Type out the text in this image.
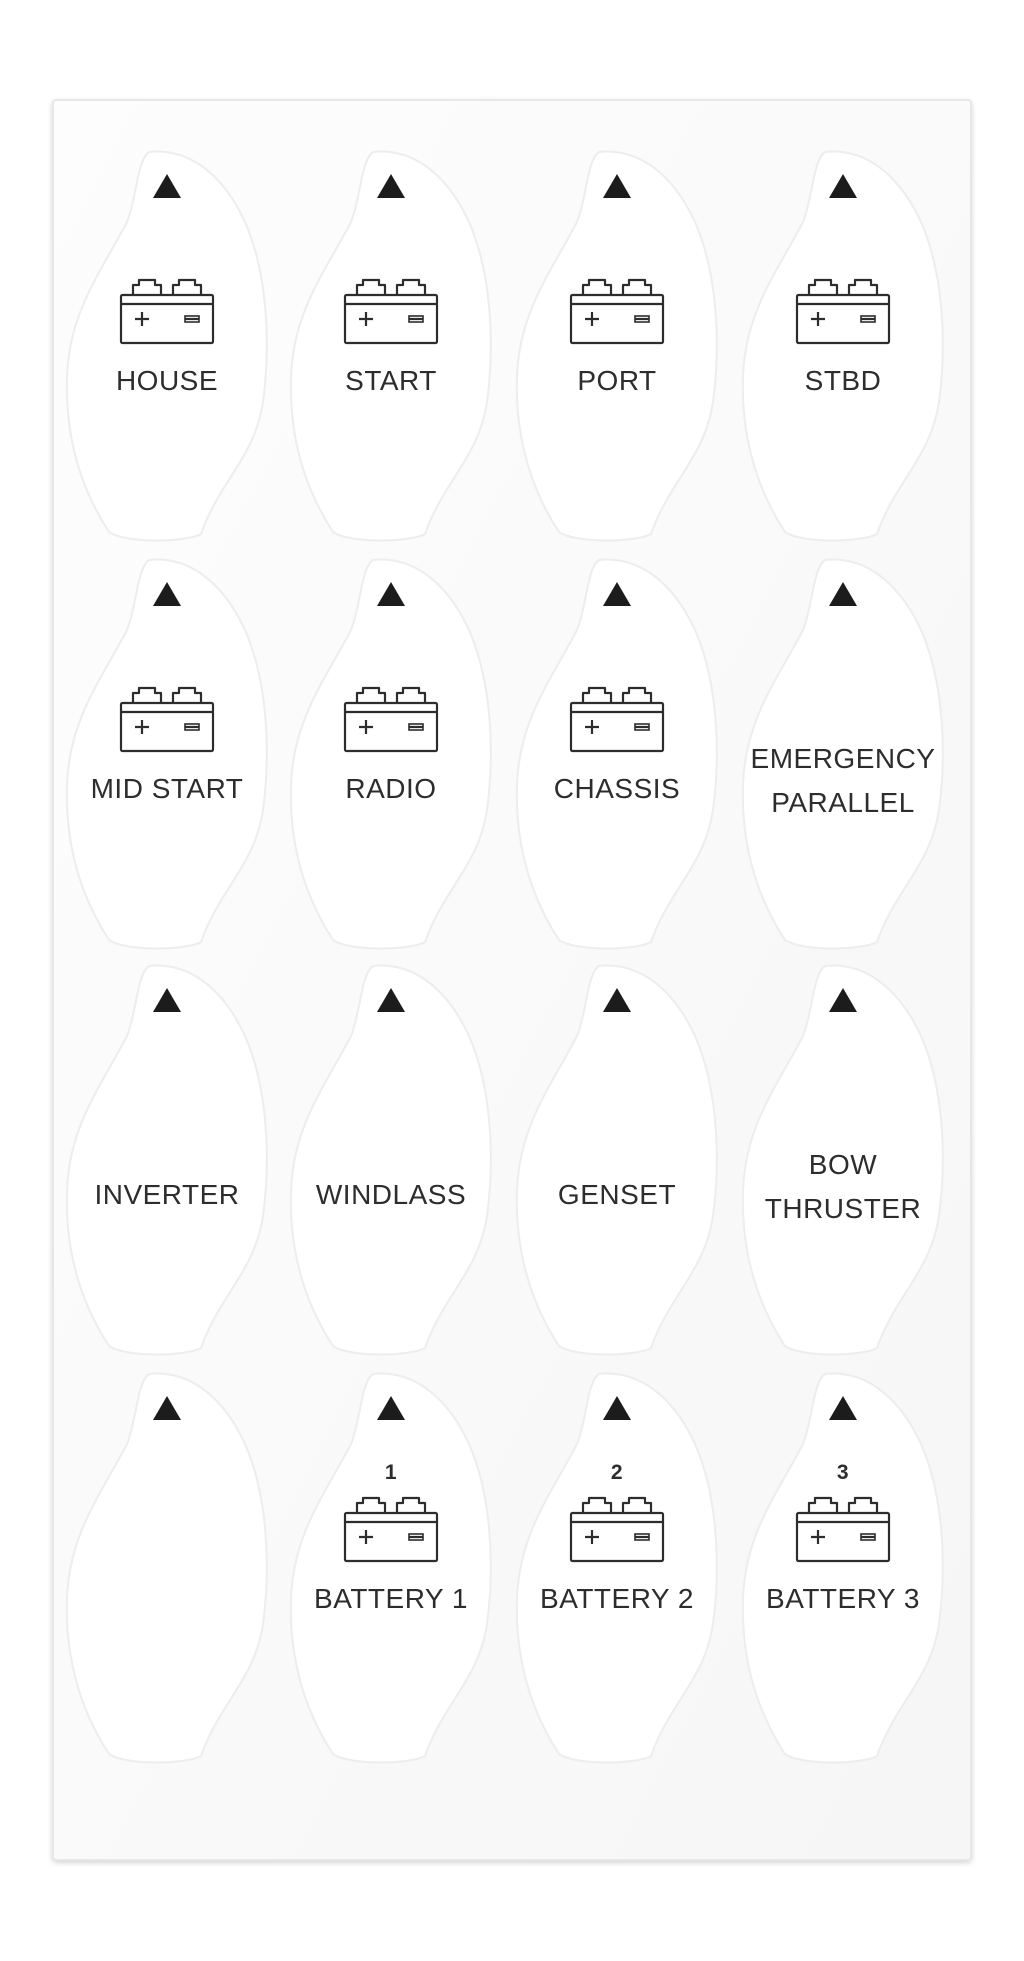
HOUSE	START	PORT	STBD
MID START	RADIO	CHASSIS
EMERGENCY
PARALLEL
INVERTER	WINDLASS	GENSET
BOW
THRUSTER
1
BATTERY 1
2
BATTERY 2
3
BATTERY 3
